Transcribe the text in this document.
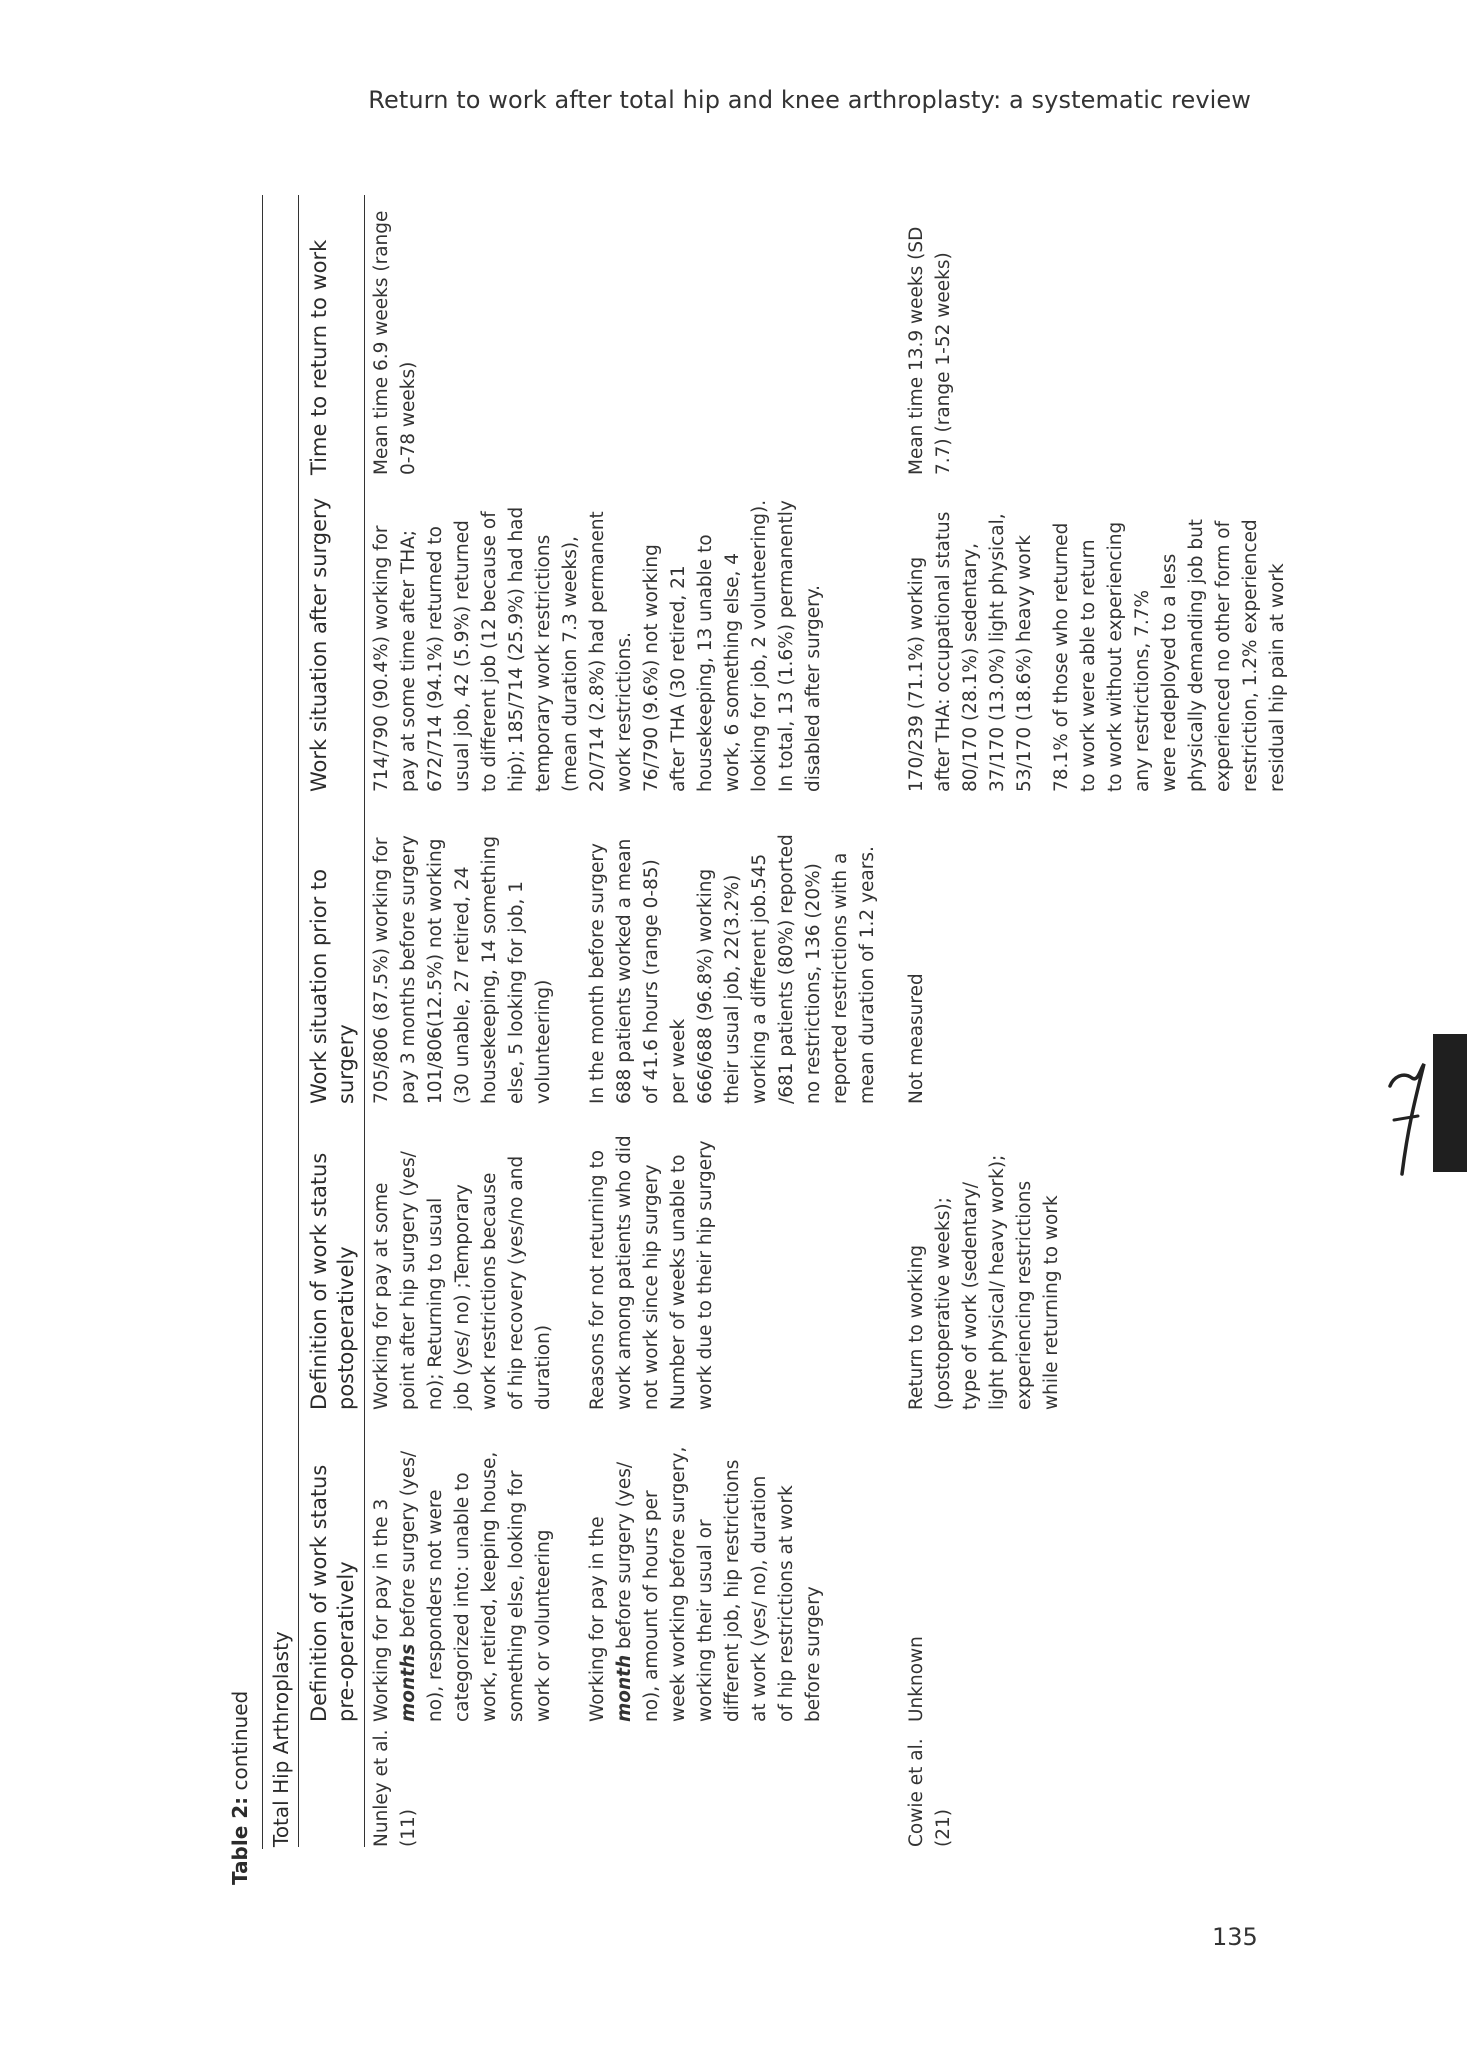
Return to work after total hip and knee arthroplasty: a systematic review
Table 2: continued Total Hip Arthroplasty
Definition of work status pre-operatively
Definition of work status postoperatively
Work situation prior to surgery
Work situation after surgery
Time to return to work
Nunley et al. (11)
Working for pay in the 3 months before surgery (yes/ no), responders not were categorized into: unable to work, retired, keeping house, something else, looking for work or volunteering Working for pay in the month before surgery (yes/ no), amount of hours per week working before surgery, working their usual or different job, hip restrictions at work (yes/ no), duration of hip restrictions at work before surgery
Working for pay at some point after hip surgery (yes/ no); Returning to usual job (yes/ no) ;Temporary work restrictions because of hip recovery (yes/no and duration) Reasons for not returning to work among patients who did not work since hip surgery Number of weeks unable to work due to their hip surgery
705/806 (87.5%) working for pay 3 months before surgery 101/806(12.5%) not working (30 unable, 27 retired, 24 housekeeping, 14 something else, 5 looking for job, 1 volunteering) In the month before surgery 688 patients worked a mean of 41.6 hours (range 0-85) per week 666/688 (96.8%) working their usual job, 22(3.2%) working a different job.545 /681 patients (80%) reported no restrictions, 136 (20%) reported restrictions with a mean duration of 1.2 years.
714/790 (90.4%) working for pay at some time after THA; 672/714 (94.1%) returned to usual job, 42 (5.9%) returned to different job (12 because of hip); 185/714 (25.9%) had had temporary work restrictions (mean duration 7.3 weeks), 20/714 (2.8%) had permanent work restrictions. 76/790 (9.6%) not working after THA (30 retired, 21 housekeeping, 13 unable to work, 6 something else, 4 looking for job, 2 volunteering). In total, 13 (1.6%) permanently disabled after surgery.
Mean time 6.9 weeks (range 0-78 weeks)
Cowie et al. (21)
Unknown
Return to working (postoperative weeks); type of work (sedentary/ light physical/ heavy work); experiencing restrictions while returning to work
Not measured
170/239 (71.1%) working after THA: occupational status 80/170 (28.1%) sedentary, 37/170 (13.0%) light physical, 53/170 (18.6%) heavy work 78.1% of those who returned to work were able to return to work without experiencing any restrictions, 7.7% were redeployed to a less physically demanding job but experienced no other form of restriction, 1.2% experienced residual hip pain at work
Mean time 13.9 weeks (SD 7.7) (range 1-52 weeks)
135
